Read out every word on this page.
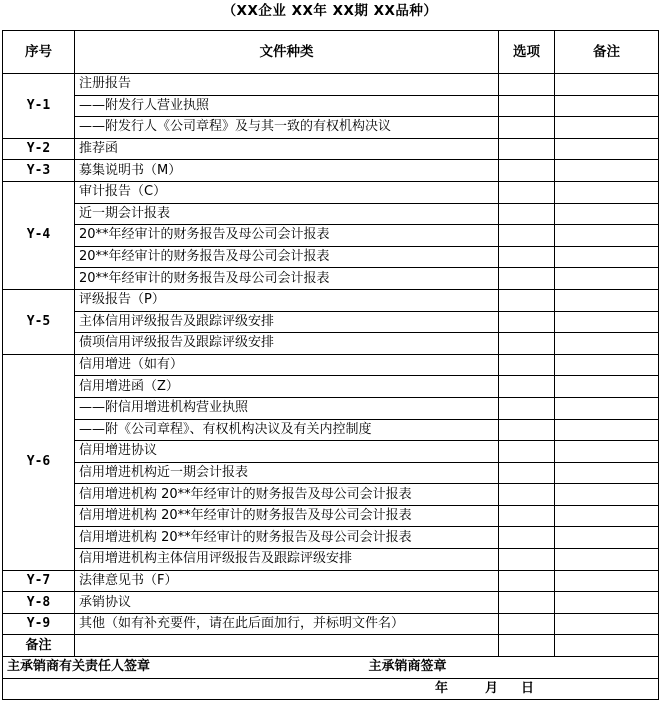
（XX企业 XX年 XX期 XX品种）
序号	文件种类	选项	备注
Y-1	注册报告		
	——附发行人营业执照		
	——附发行人《公司章程》及与其一致的有权机构决议		
Y-2	推荐函		
Y-3	募集说明书（M）		
Y-4	审计报告（C）		
	近一期会计报表		
	20**年经审计的财务报告及母公司会计报表		
	20**年经审计的财务报告及母公司会计报表		
	20**年经审计的财务报告及母公司会计报表		
Y-5	评级报告（P）		
	主体信用评级报告及跟踪评级安排		
	债项信用评级报告及跟踪评级安排		
Y-6	信用增进（如有）		
	信用增进函（Z）		
	——附信用增进机构营业执照		
	——附《公司章程》、有权机构决议及有关内控制度		
	信用增进协议		
	信用增进机构近一期会计报表		
	信用增进机构 20**年经审计的财务报告及母公司会计报表		
	信用增进机构 20**年经审计的财务报告及母公司会计报表		
	信用增进机构 20**年经审计的财务报告及母公司会计报表		
	信用增进机构主体信用评级报告及跟踪评级安排		
Y-7	法律意见书（F）		
Y-8	承销协议		
Y-9	其他（如有补充要件，请在此后面加行，并标明文件名）		
备注			
主承销商有关责任人签章 主承销商签章			

年 月 日			
